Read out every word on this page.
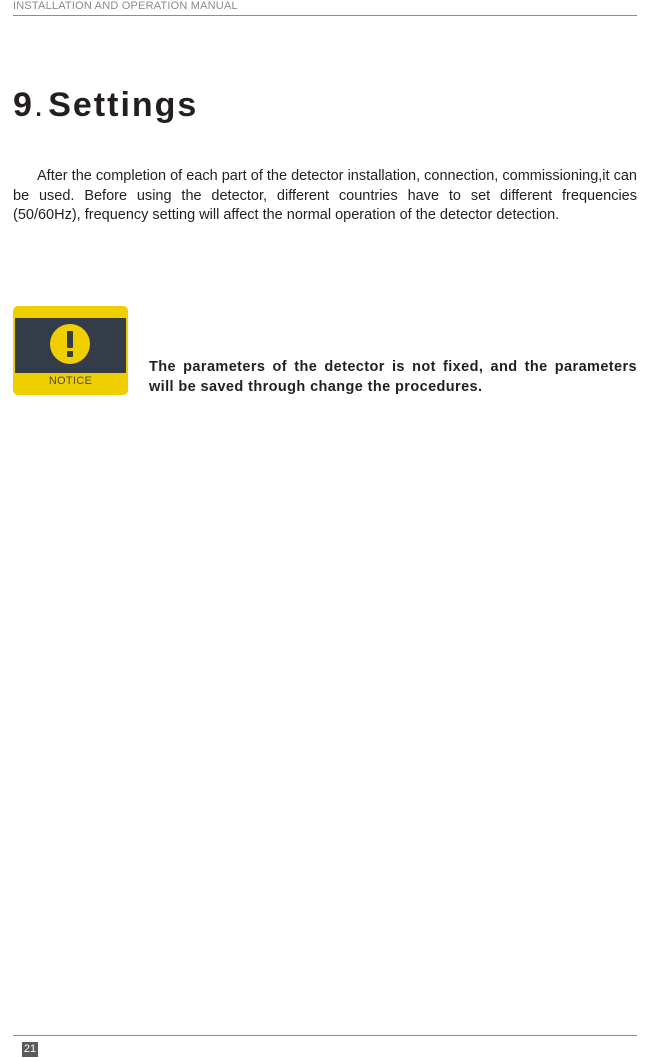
INSTALLATION AND OPERATION MANUAL
9.  Settings

After the completion of each part of the detector installation, connection, commissioning,it can be used. Before using the detector, different countries have to set different frequencies (50/60Hz), frequency setting will affect the normal operation of the detector detection.

NOTICE

The parameters of the detector is not fixed, and the parameters will be saved through change the procedures.

21
